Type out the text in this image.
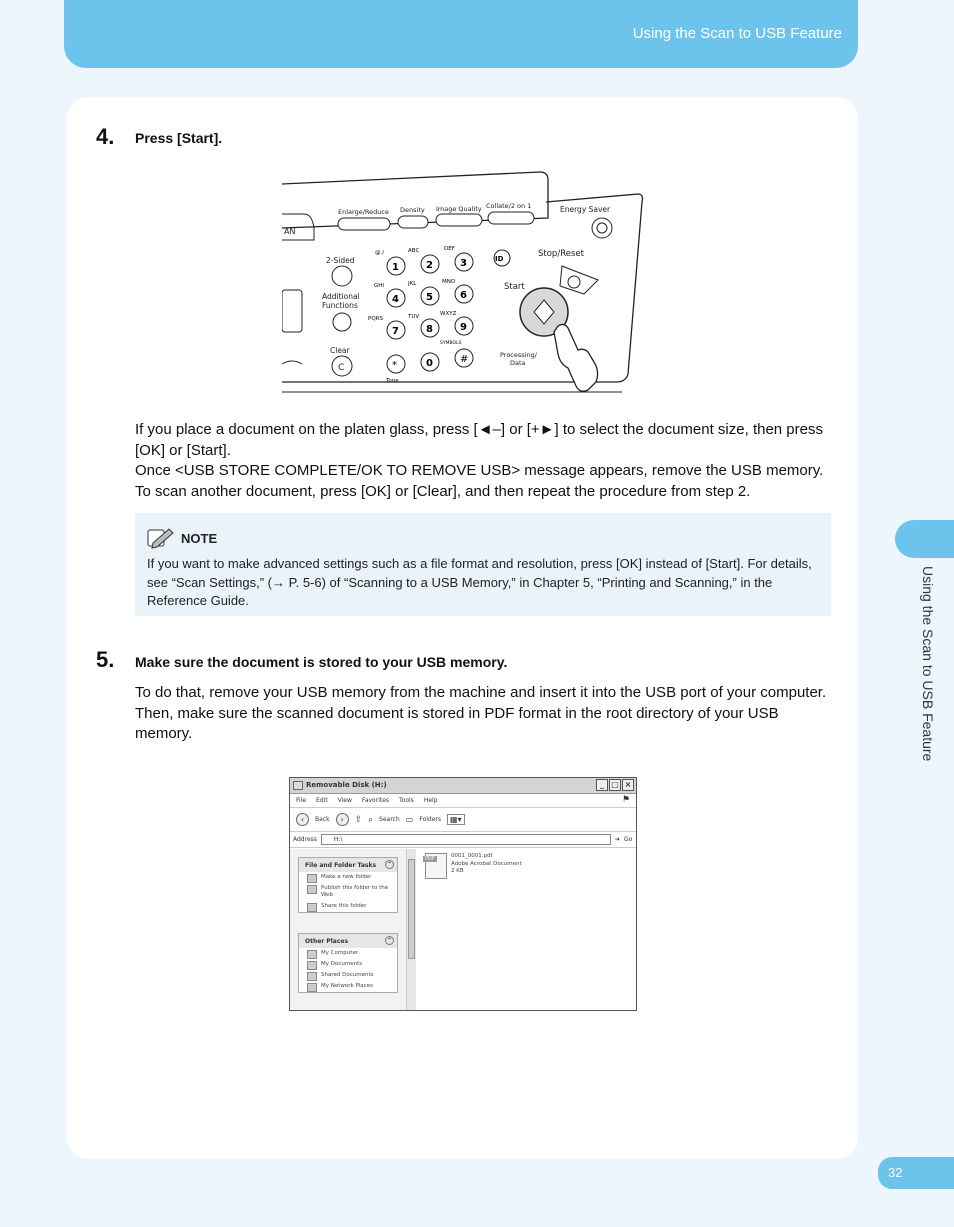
Using the Scan to USB Feature
4. Press [Start].
AN
Enlarge/Reduce Density Image Quality Collate/2 on 1	Energy Saver
2-Sided
Additional
Functions
Clear
C
1	2	3
4	5	6
7	8	9
*	0	#
@./	ABC	DEF
GHI	JKL	MNO
PQRS	TUV	WXYZ
SYMBOLS
Tone
ID	Stop/Reset
Start
Processing/
Data

If you place a document on the platen glass, press [◄–] or [+►] to select the document size, then press [OK] or [Start].

Once <USB STORE COMPLETE/OK TO REMOVE USB> message appears, remove the USB memory.

To scan another document, press [OK] or [Clear], and then repeat the procedure from step 2.

NOTE
If you want to make advanced settings such as a file format and resolution, press [OK] instead of [Start]. For details, see “Scan Settings,” (→ P. 5-6) of “Scanning to a USB Memory,” in Chapter 5, “Printing and Scanning,” in the Reference Guide.
5. Make sure the document is stored to your USB memory.

To do that, remove your USB memory from the machine and insert it into the USB port of your computer.

Then, make sure the scanned document is stored in PDF format in the root directory of your USB memory.

Removable Disk (H:)	_ □ ×
File Edit View Favorites Tools Help	⚑
‹	Back	›	⇧ ⌕ Search ▭ Folders	▦▾
Address	H:\	➜ Go
File and Folder Tasks	⌃
Make a new folder
Publish this folder to the Web
Share this folder
Other Places	⌃
My Computer
My Documents
Shared Documents
My Network Places
PDF	0001_0001.pdf
Adobe Acrobat Document
2 KB
Using the Scan to USB Feature
32
